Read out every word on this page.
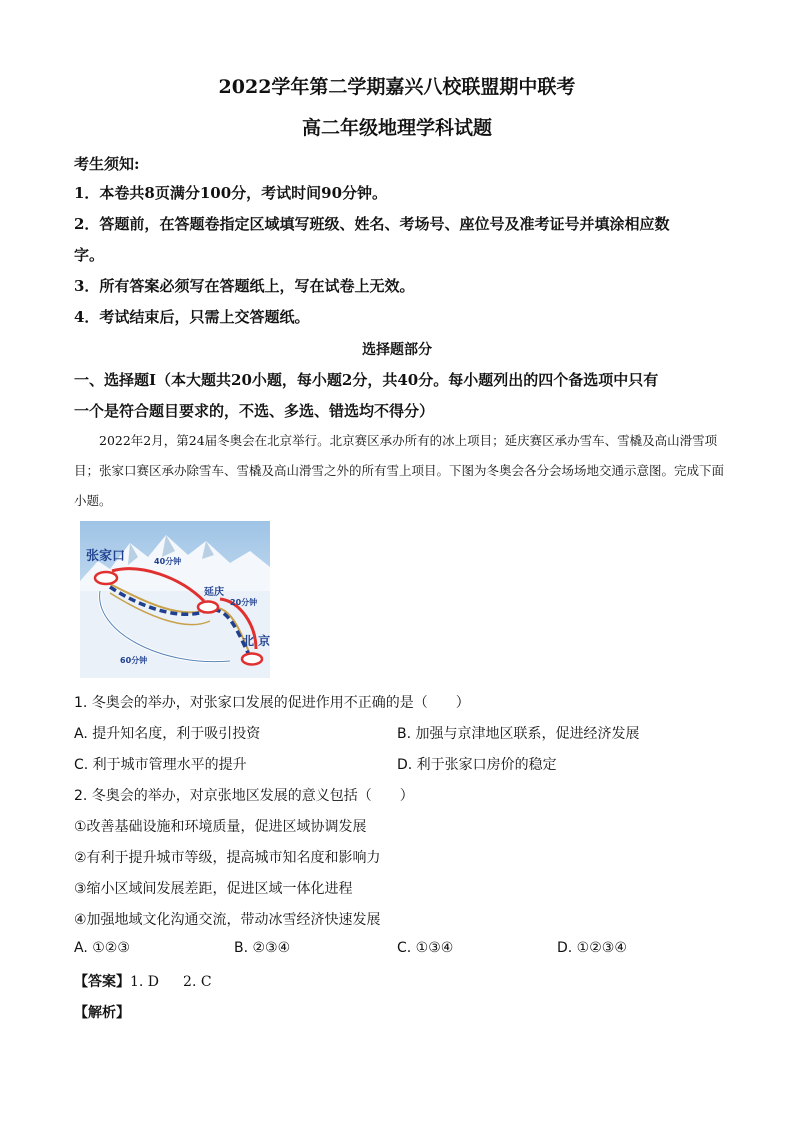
2022学年第二学期嘉兴八校联盟期中联考
高二年级地理学科试题
考生须知:
1．本卷共8页满分100分，考试时间90分钟。
2．答题前，在答题卷指定区域填写班级、姓名、考场号、座位号及准考证号并填涂相应数
字。
3．所有答案必须写在答题纸上，写在试卷上无效。
4．考试结束后，只需上交答题纸。
选择题部分
一、选择题Ⅰ（本大题共20小题，每小题2分，共40分。每小题列出的四个备选项中只有
一个是符合题目要求的，不选、多选、错选均不得分）

2022年2月，第24届冬奥会在北京举行。北京赛区承办所有的冰上项目；延庆赛区承办雪车、雪橇及高山滑雪项目；张家口赛区承办除雪车、雪橇及高山滑雪之外的所有雪上项目。下图为冬奥会各分会场场地交通示意图。完成下面小题。

张家口
延庆
北 京
40分钟
20分钟
60分钟
1. 冬奥会的举办，对张家口发展的促进作用不正确的是（　　）
A. 提升知名度，利于吸引投资	B. 加强与京津地区联系，促进经济发展
C. 利于城市管理水平的提升	D. 利于张家口房价的稳定
2. 冬奥会的举办，对京张地区发展的意义包括（　　）
①改善基础设施和环境质量，促进区域协调发展
②有利于提升城市等级，提高城市知名度和影响力
③缩小区域间发展差距，促进区域一体化进程
④加强地域文化沟通交流，带动冰雪经济快速发展
A. ①②③	B. ②③④	C. ①③④	D. ①②③④
【答案】1. D 2. C
【解析】
